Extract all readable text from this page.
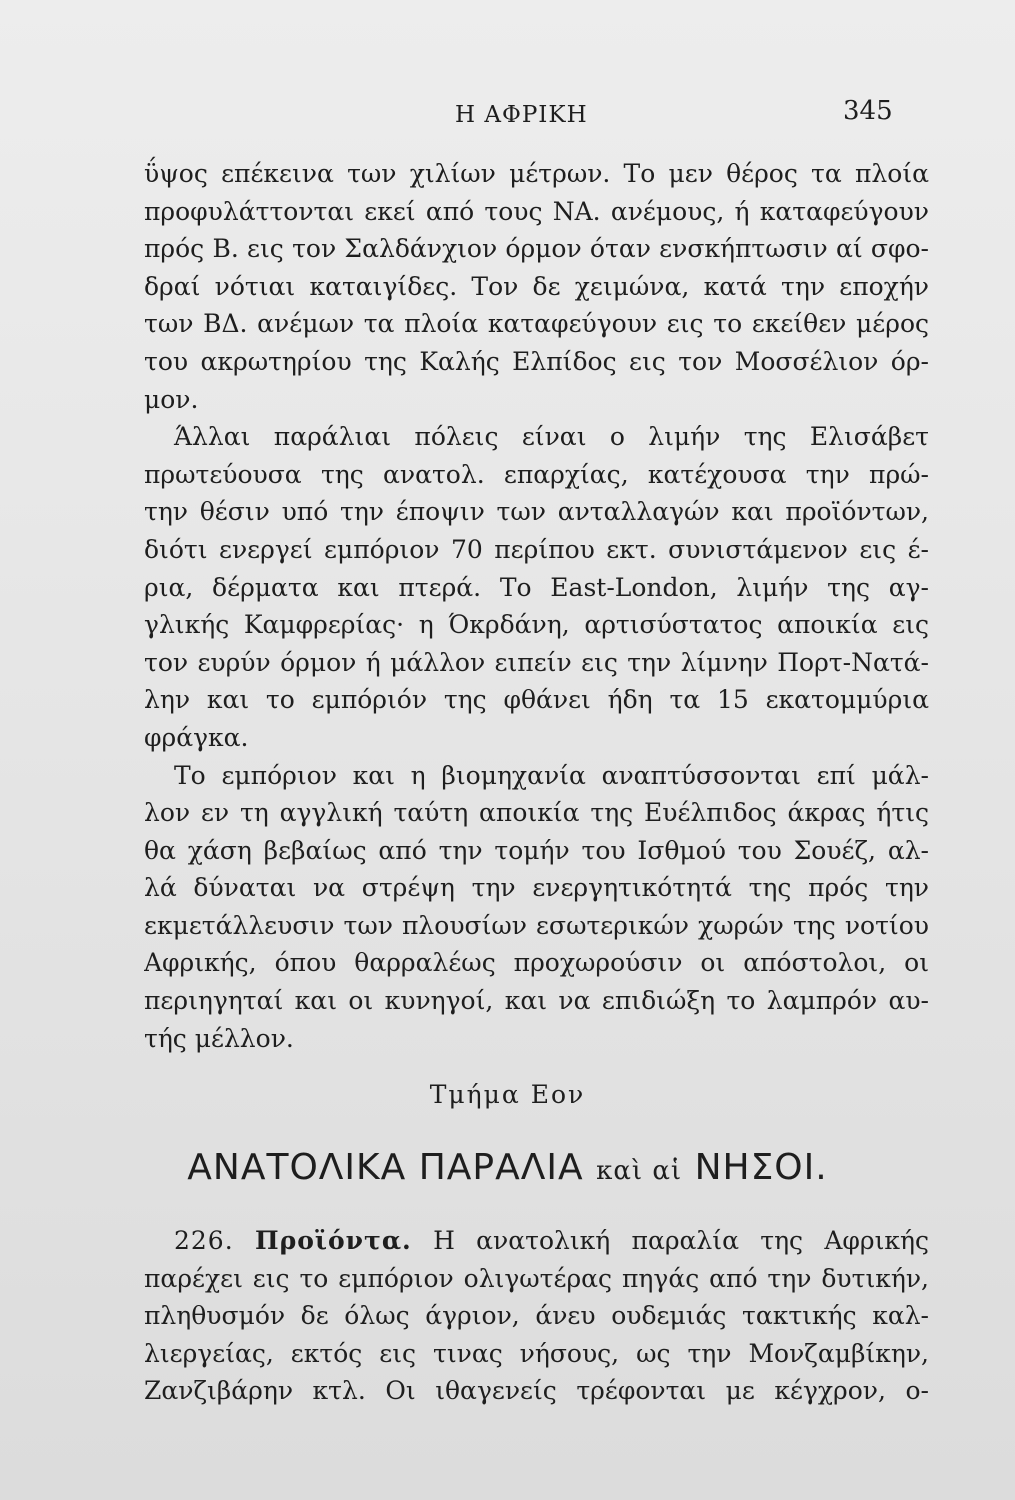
Η ΑΦΡΙΚΗ	345
ΰψος επέκεινα των χιλίων μέτρων. Το μεν θέρος τα πλοία
προφυλάττονται εκεί από τους ΝΑ. ανέμους, ή καταφεύγουν
πρός Β. εις τον Σαλδάνχιον όρμον όταν ενσκήπτωσιν αί σφο-
δραί νότιαι καταιγίδες. Τον δε χειμώνα, κατά την εποχήν
των ΒΔ. ανέμων τα πλοία καταφεύγουν εις το εκείθεν μέρος
του ακρωτηρίου της Καλής Ελπίδος εις τον Μοσσέλιον όρ-
μον.
Άλλαι παράλιαι πόλεις είναι ο λιμήν της Ελισάβετ
πρωτεύουσα της ανατολ. επαρχίας, κατέχουσα την πρώ-
την θέσιν υπό την έποψιν των ανταλλαγών και προϊόντων,
διότι ενεργεί εμπόριον 70 περίπου εκτ. συνιστάμενον εις έ-
ρια, δέρματα και πτερά. Το East-London, λιμήν της αγ-
γλικής Καμφρερίας· η Όκρδάνη, αρτισύστατος αποικία εις
τον ευρύν όρμον ή μάλλον ειπείν εις την λίμνην Πορτ-Νατά-
λην και το εμπόριόν της φθάνει ήδη τα 15 εκατομμύρια
φράγκα.
Το εμπόριον και η βιομηχανία αναπτύσσονται επί μάλ-
λον εν τη αγγλική ταύτη αποικία της Ευέλπιδος άκρας ήτις
θα χάση βεβαίως από την τομήν του Ισθμού του Σουέζ, αλ-
λά δύναται να στρέψη την ενεργητικότητά της πρός την
εκμετάλλευσιν των πλουσίων εσωτερικών χωρών της νοτίου
Αφρικής, όπου θαρραλέως προχωρούσιν οι απόστολοι, οι
περιηγηταί και οι κυνηγοί, και να επιδιώξη το λαμπρόν αυ-
τής μέλλον.
Τμήμα Εον
ΑΝΑΤΟΛΙΚΑ ΠΑΡΑΛΙΑ καὶ αἱ ΝΗΣΟΙ.
226. Προϊόντα. Η ανατολική παραλία της Αφρικής
παρέχει εις το εμπόριον ολιγωτέρας πηγάς από την δυτικήν,
πληθυσμόν δε όλως άγριον, άνευ ουδεμιάς τακτικής καλ-
λιεργείας, εκτός εις τινας νήσους, ως την Μονζαμβίκην,
Ζανζιβάρην κτλ. Οι ιθαγενείς τρέφονται με κέγχρον, ο-
